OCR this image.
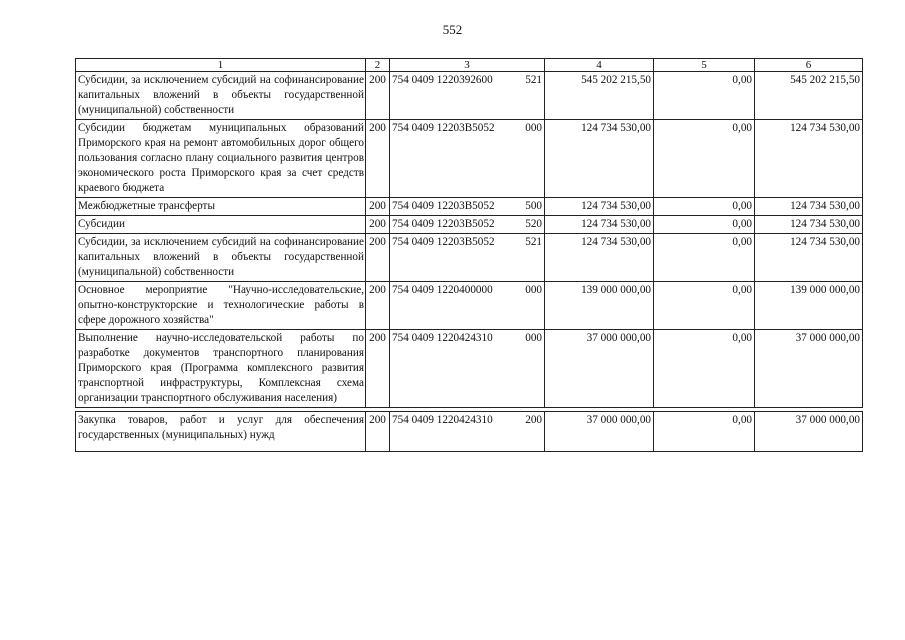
552
1	2	3	4	5	6
Субсидии, за исключением субсидий на софинансирование капитальных вложений в объекты государственной (муниципальной) собственности	200	754 0409 1220392600 521	545 202 215,50	0,00	545 202 215,50
Субсидии бюджетам муниципальных образований Приморского края на ремонт автомобильных дорог общего пользования согласно плану социального развития центров экономического роста Приморского края за счет средств краевого бюджета	200	754 0409 12203B5052 000	124 734 530,00	0,00	124 734 530,00
Межбюджетные трансферты	200	754 0409 12203B5052 500	124 734 530,00	0,00	124 734 530,00
Субсидии	200	754 0409 12203B5052 520	124 734 530,00	0,00	124 734 530,00
Субсидии, за исключением субсидий на софинансирование капитальных вложений в объекты государственной (муниципальной) собственности	200	754 0409 12203B5052 521	124 734 530,00	0,00	124 734 530,00
Основное мероприятие "Научно-исследовательские, опытно-конструкторские и технологические работы в сфере дорожного хозяйства"	200	754 0409 1220400000 000	139 000 000,00	0,00	139 000 000,00
Выполнение научно-исследовательской работы по разработке документов транспортного планирования Приморского края (Программа комплексного развития транспортной инфраструктуры, Комплексная схема организации транспортного обслуживания населения)	200	754 0409 1220424310 000	37 000 000,00	0,00	37 000 000,00

Закупка товаров, работ и услуг для обеспечения государственных (муниципальных) нужд	200	754 0409 1220424310 200	37 000 000,00	0,00	37 000 000,00
